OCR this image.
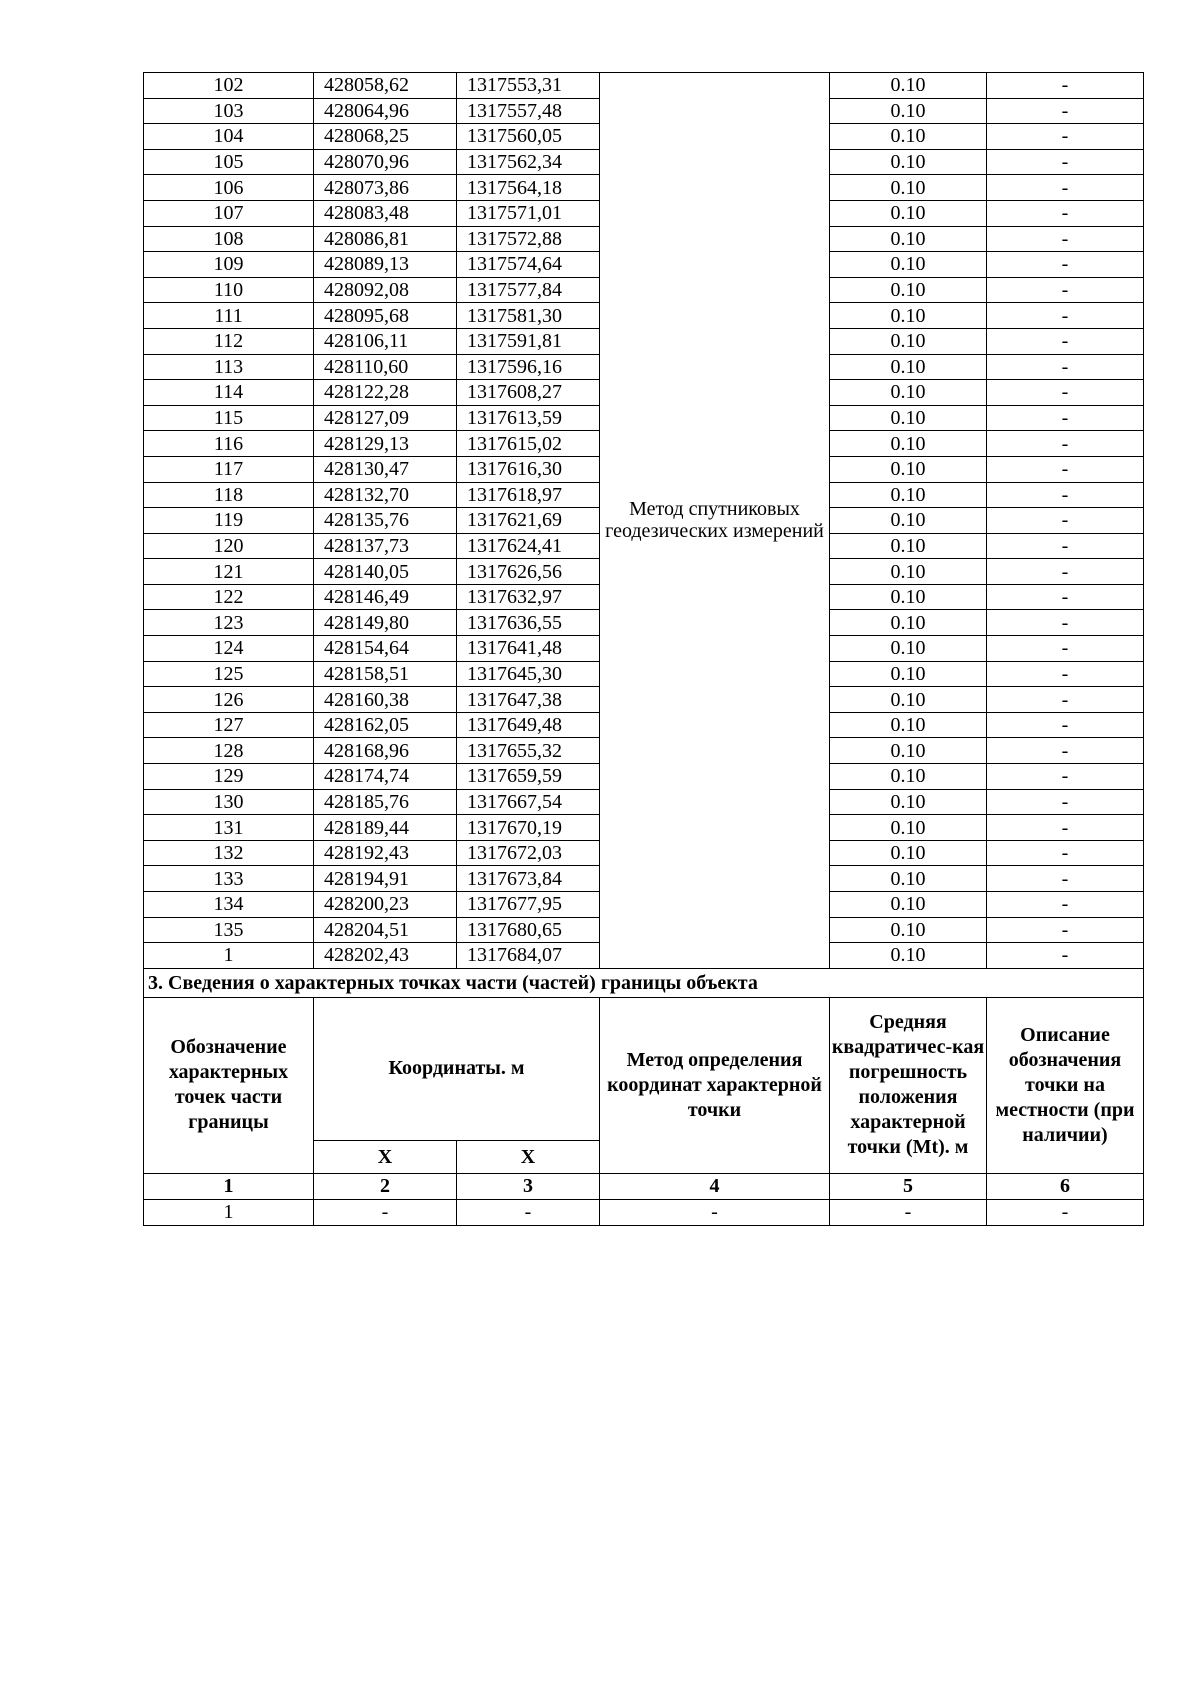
102	428058,62	1317553,31	Метод спутниковых геодезических измерений	0.10	-
103	428064,96	1317557,48		0.10	-
104	428068,25	1317560,05		0.10	-
105	428070,96	1317562,34		0.10	-
106	428073,86	1317564,18		0.10	-
107	428083,48	1317571,01		0.10	-
108	428086,81	1317572,88		0.10	-
109	428089,13	1317574,64		0.10	-
110	428092,08	1317577,84		0.10	-
111	428095,68	1317581,30		0.10	-
112	428106,11	1317591,81		0.10	-
113	428110,60	1317596,16		0.10	-
114	428122,28	1317608,27		0.10	-
115	428127,09	1317613,59		0.10	-
116	428129,13	1317615,02		0.10	-
117	428130,47	1317616,30		0.10	-
118	428132,70	1317618,97		0.10	-
119	428135,76	1317621,69		0.10	-
120	428137,73	1317624,41		0.10	-
121	428140,05	1317626,56		0.10	-
122	428146,49	1317632,97		0.10	-
123	428149,80	1317636,55		0.10	-
124	428154,64	1317641,48		0.10	-
125	428158,51	1317645,30		0.10	-
126	428160,38	1317647,38		0.10	-
127	428162,05	1317649,48		0.10	-
128	428168,96	1317655,32		0.10	-
129	428174,74	1317659,59		0.10	-
130	428185,76	1317667,54		0.10	-
131	428189,44	1317670,19		0.10	-
132	428192,43	1317672,03		0.10	-
133	428194,91	1317673,84		0.10	-
134	428200,23	1317677,95		0.10	-
135	428204,51	1317680,65		0.10	-
1	428202,43	1317684,07		0.10	-
3. Сведения о характерных точках части (частей) границы объекта					
Обозначение характерных точек части границы	Координаты. м		Метод определения координат характерной точки	Средняя квадратичес-кая погрешность положения характерной точки (Mt). м	Описание обозначения точки на местности (при наличии)
	X	X			
1	2	3	4	5	6
1	-	-	-	-	-
